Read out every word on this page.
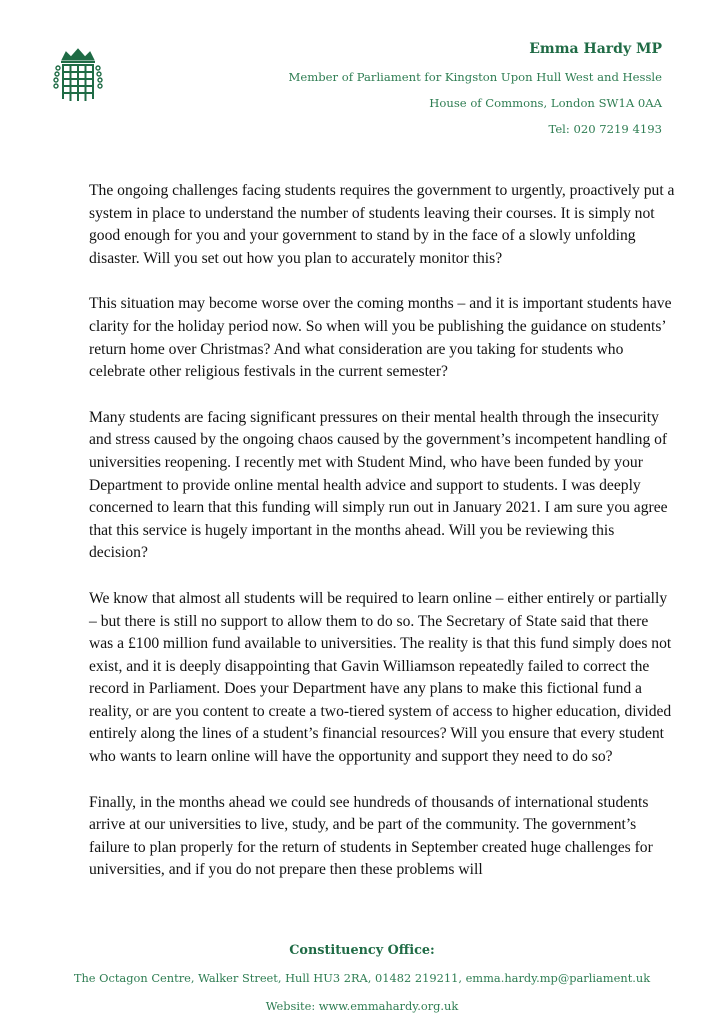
Emma Hardy MP
Member of Parliament for Kingston Upon Hull West and Hessle
House of Commons, London SW1A 0AA
Tel: 020 7219 4193

The ongoing challenges facing students requires the government to urgently, proactively put a system in place to understand the number of students leaving their courses. It is simply not good enough for you and your government to stand by in the face of a slowly unfolding disaster. Will you set out how you plan to accurately monitor this?

This situation may become worse over the coming months – and it is important students have clarity for the holiday period now. So when will you be publishing the guidance on students’ return home over Christmas? And what consideration are you taking for students who celebrate other religious festivals in the current semester?

Many students are facing significant pressures on their mental health through the insecurity and stress caused by the ongoing chaos caused by the government’s incompetent handling of universities reopening. I recently met with Student Mind, who have been funded by your Department to provide online mental health advice and support to students. I was deeply concerned to learn that this funding will simply run out in January 2021. I am sure you agree that this service is hugely important in the months ahead. Will you be reviewing this decision?

We know that almost all students will be required to learn online – either entirely or partially – but there is still no support to allow them to do so. The Secretary of State said that there was a £100 million fund available to universities. The reality is that this fund simply does not exist, and it is deeply disappointing that Gavin Williamson repeatedly failed to correct the record in Parliament. Does your Department have any plans to make this fictional fund a reality, or are you content to create a two-tiered system of access to higher education, divided entirely along the lines of a student’s financial resources? Will you ensure that every student who wants to learn online will have the opportunity and support they need to do so?

Finally, in the months ahead we could see hundreds of thousands of international students arrive at our universities to live, study, and be part of the community. The government’s failure to plan properly for the return of students in September created huge challenges for universities, and if you do not prepare then these problems will

Constituency Office:
The Octagon Centre, Walker Street, Hull HU3 2RA, 01482 219211, emma.hardy.mp@parliament.uk
Website: www.emmahardy.org.uk
